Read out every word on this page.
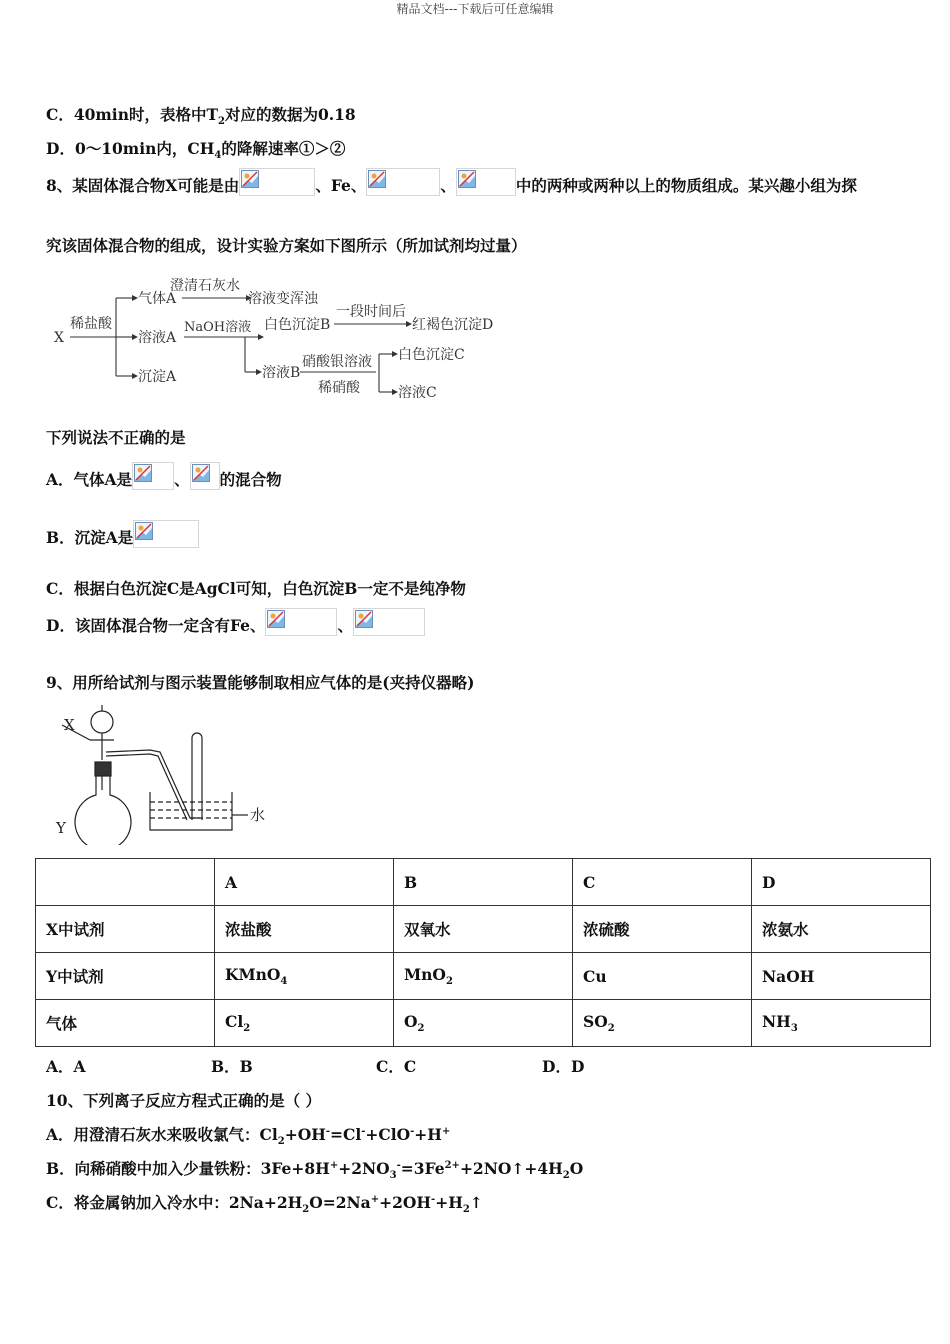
精品文档---下载后可任意编辑
C．40min时，表格中$T_2$对应的数据为0.18
D．0～10min内，$CH_4$的降解速率①＞②
8、某固体混合物X可能是由	、Fe、	、	中的两种或两种以上的物质组成。某兴趣小组为探
究该固体混合物的组成，设计实验方案如下图所示（所加试剂均过量）
X
稀盐酸
气体A
澄清石灰水
溶液变浑浊
溶液A
NaOH溶液 白色沉淀B
一段时间后
红褐色沉淀D
沉淀A	溶液B
硝酸银溶液
稀硝酸
白色沉淀C
溶液C
下列说法不正确的是
A．气体A是	、 的混合物
B．沉淀A是
C．根据白色沉淀C是AgCl可知，白色沉淀B一定不是纯净物
D．该固体混合物一定含有Fe、	、
9、用所给试剂与图示装置能够制取相应气体的是(夹持仪器略)
X
Y
水
	A	B	C	D
X中试剂	浓盐酸	双氧水	浓硫酸	浓氨水
Y中试剂	KMnO$_4$	MnO$_2$	Cu	NaOH
气体	$Cl_2$	$O_2$	$SO_2$	$NH_3$
A．A	B．B	C．C	D．D
10、下列离子反应方程式正确的是（ ）
A．用澄清石灰水来吸收氯气：$Cl_2+OH^-=Cl^-+ClO^-+H^+$
B．向稀硝酸中加入少量铁粉：$3Fe+8H^++2NO_3^-=3Fe^{2+}+2NO↑+4H_2O$
C．将金属钠加入冷水中：$2Na+2H_2O=2Na^++2OH^-+H_2↑$
